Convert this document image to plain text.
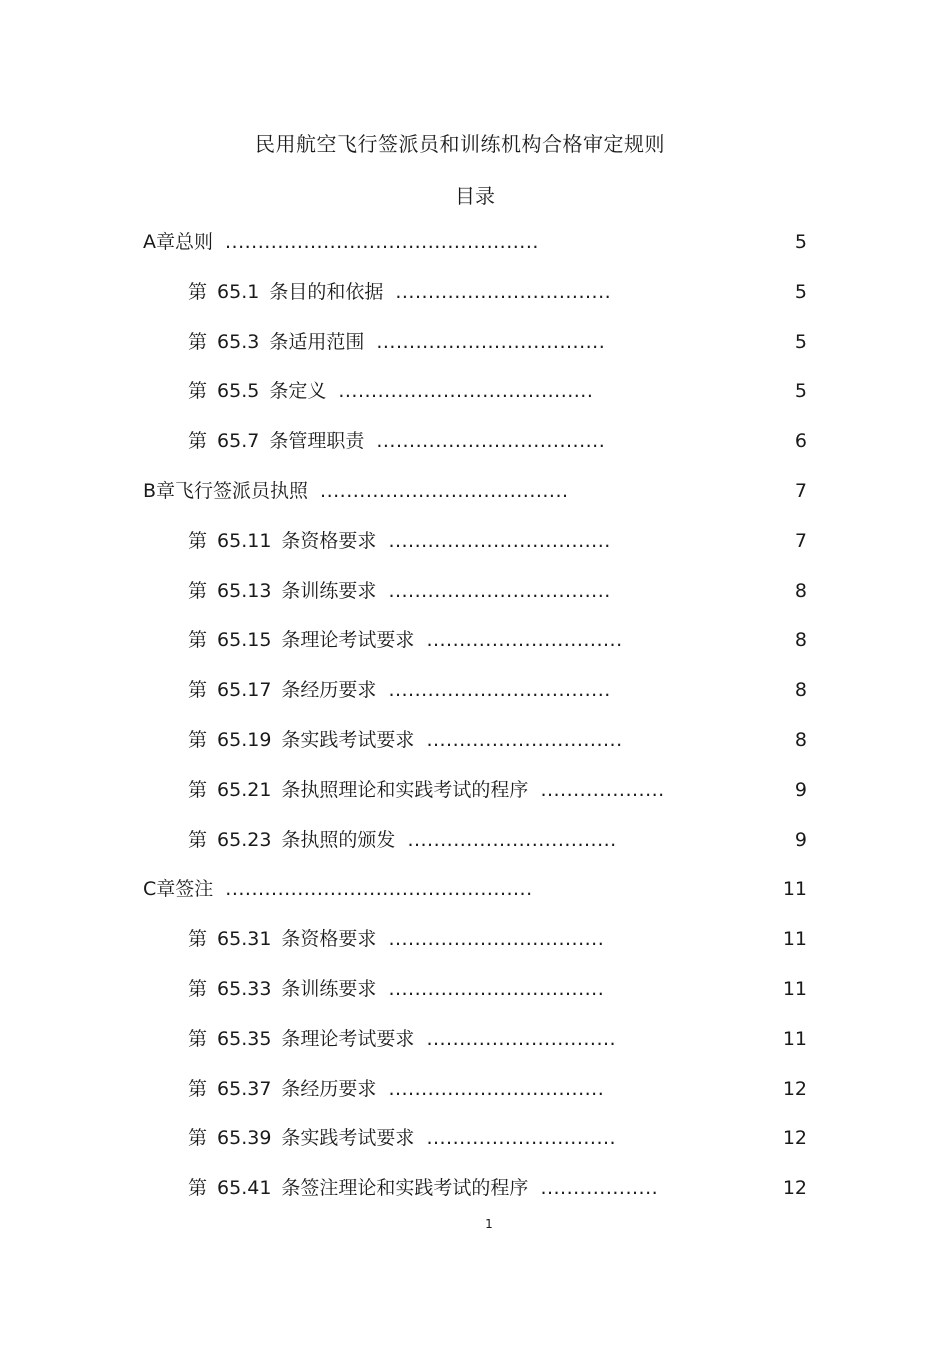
民用航空飞行签派员和训练机构合格审定规则
目录
A章总则 ................................................	5
第 65.1 条目的和依据 .................................	5
第 65.3 条适用范围 ...................................	5
第 65.5 条定义 .......................................	5
第 65.7 条管理职责 ...................................	6
B章飞行签派员执照 ......................................	7
第 65.11 条资格要求 ..................................	7
第 65.13 条训练要求 ..................................	8
第 65.15 条理论考试要求 ..............................	8
第 65.17 条经历要求 ..................................	8
第 65.19 条实践考试要求 ..............................	8
第 65.21 条执照理论和实践考试的程序 ...................	9
第 65.23 条执照的颁发 ................................	9
C章签注 ...............................................	11
第 65.31 条资格要求 .................................	11
第 65.33 条训练要求 .................................	11
第 65.35 条理论考试要求 .............................	11
第 65.37 条经历要求 .................................	12
第 65.39 条实践考试要求 .............................	12
第 65.41 条签注理论和实践考试的程序 ..................	12
1
